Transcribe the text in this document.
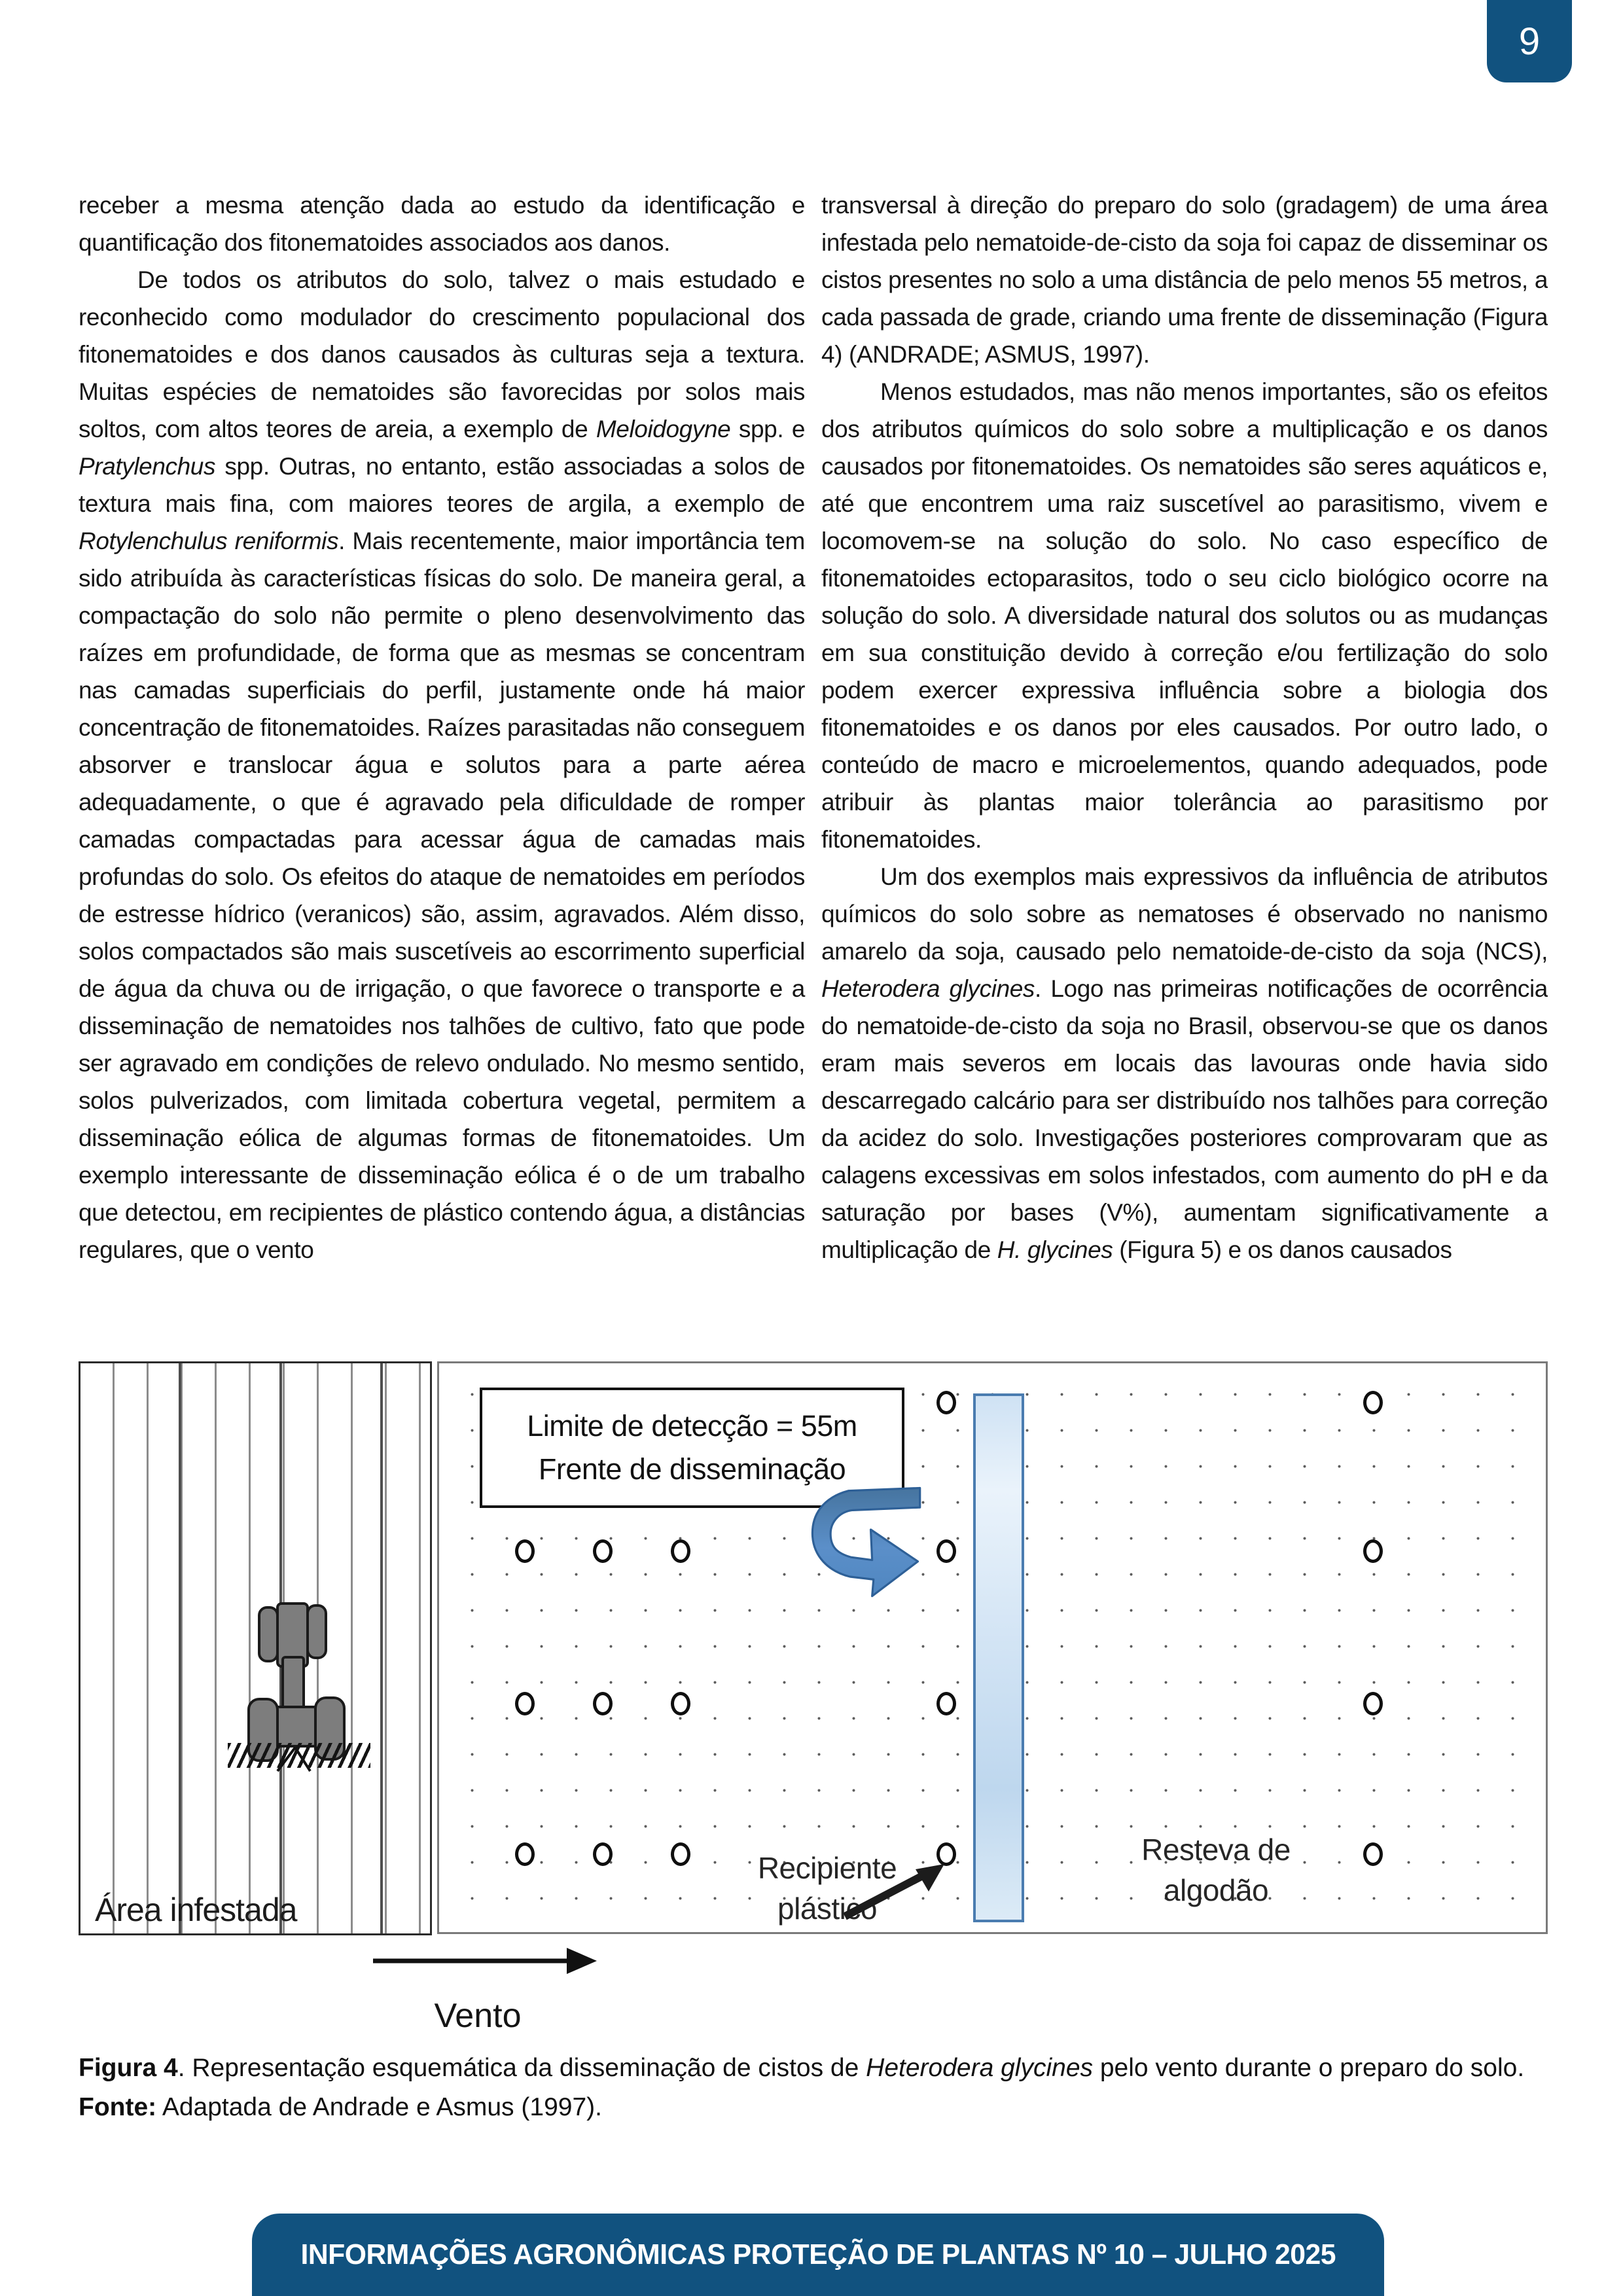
9

receber a mesma atenção dada ao estudo da identificação e quantificação dos fitonematoides associados aos danos.

De todos os atributos do solo, talvez o mais estudado e reconhecido como modulador do crescimento populacional dos fitonematoides e dos danos causados às culturas seja a textura. Muitas espécies de nematoides são favorecidas por solos mais soltos, com altos teores de areia, a exemplo de Meloidogyne spp. e Pratylenchus spp. Outras, no entanto, estão associadas a solos de textura mais fina, com maiores teores de argila, a exemplo de Rotylenchulus reniformis. Mais recentemente, maior importância tem sido atribuída às características físicas do solo. De maneira geral, a compactação do solo não permite o pleno desenvolvimento das raízes em profundidade, de forma que as mesmas se concentram nas camadas superficiais do perfil, justamente onde há maior concentração de fitonematoides. Raízes parasitadas não conseguem absorver e translocar água e solutos para a parte aérea adequadamente, o que é agravado pela dificuldade de romper camadas compactadas para acessar água de camadas mais profundas do solo. Os efeitos do ataque de nematoides em períodos de estresse hídrico (veranicos) são, assim, agravados. Além disso, solos compactados são mais suscetíveis ao escorrimento superficial de água da chuva ou de irrigação, o que favorece o transporte e a disseminação de nematoides nos talhões de cultivo, fato que pode ser agravado em condições de relevo ondulado. No mesmo sentido, solos pulverizados, com limitada cobertura vegetal, permitem a disseminação eólica de algumas formas de fitonematoides. Um exemplo interessante de disseminação eólica é o de um trabalho que detectou, em recipientes de plástico contendo água, a distâncias regulares, que o vento

transversal à direção do preparo do solo (gradagem) de uma área infestada pelo nematoide-de-cisto da soja foi capaz de disseminar os cistos presentes no solo a uma distância de pelo menos 55 metros, a cada passada de grade, criando uma frente de disseminação (Figura 4) (ANDRADE; ASMUS, 1997).

Menos estudados, mas não menos importantes, são os efeitos dos atributos químicos do solo sobre a multiplicação e os danos causados por fitonematoides. Os nematoides são seres aquáticos e, até que encontrem uma raiz suscetível ao parasitismo, vivem e locomovem-se na solução do solo. No caso específico de fitonematoides ectoparasitos, todo o seu ciclo biológico ocorre na solução do solo. A diversidade natural dos solutos ou as mudanças em sua constituição devido à correção e/ou fertilização do solo podem exercer expressiva influência sobre a biologia dos fitonematoides e os danos por eles causados. Por outro lado, o conteúdo de macro e microelementos, quando adequados, pode atribuir às plantas maior tolerância ao parasitismo por fitonematoides.

Um dos exemplos mais expressivos da influência de atributos químicos do solo sobre as nematoses é observado no nanismo amarelo da soja, causado pelo nematoide-de-cisto da soja (NCS), Heterodera glycines. Logo nas primeiras notificações de ocorrência do nematoide-de-cisto da soja no Brasil, observou-se que os danos eram mais severos em locais das lavouras onde havia sido descarregado calcário para ser distribuído nos talhões para correção da acidez do solo. Investigações posteriores comprovaram que as calagens excessivas em solos infestados, com aumento do pH e da saturação por bases (V%), aumentam significativamente a multiplicação de H. glycines (Figura 5) e os danos causados

Área infestada
Limite de detecção = 55m
Frente de disseminação
Recipiente
plástico
Resteva de
algodão
Vento

Figura 4. Representação esquemática da disseminação de cistos de Heterodera glycines pelo vento durante o preparo do solo.

Fonte: Adaptada de Andrade e Asmus (1997).

INFORMAÇÕES AGRONÔMICAS PROTEÇÃO DE PLANTAS Nº 10 – JULHO 2025
